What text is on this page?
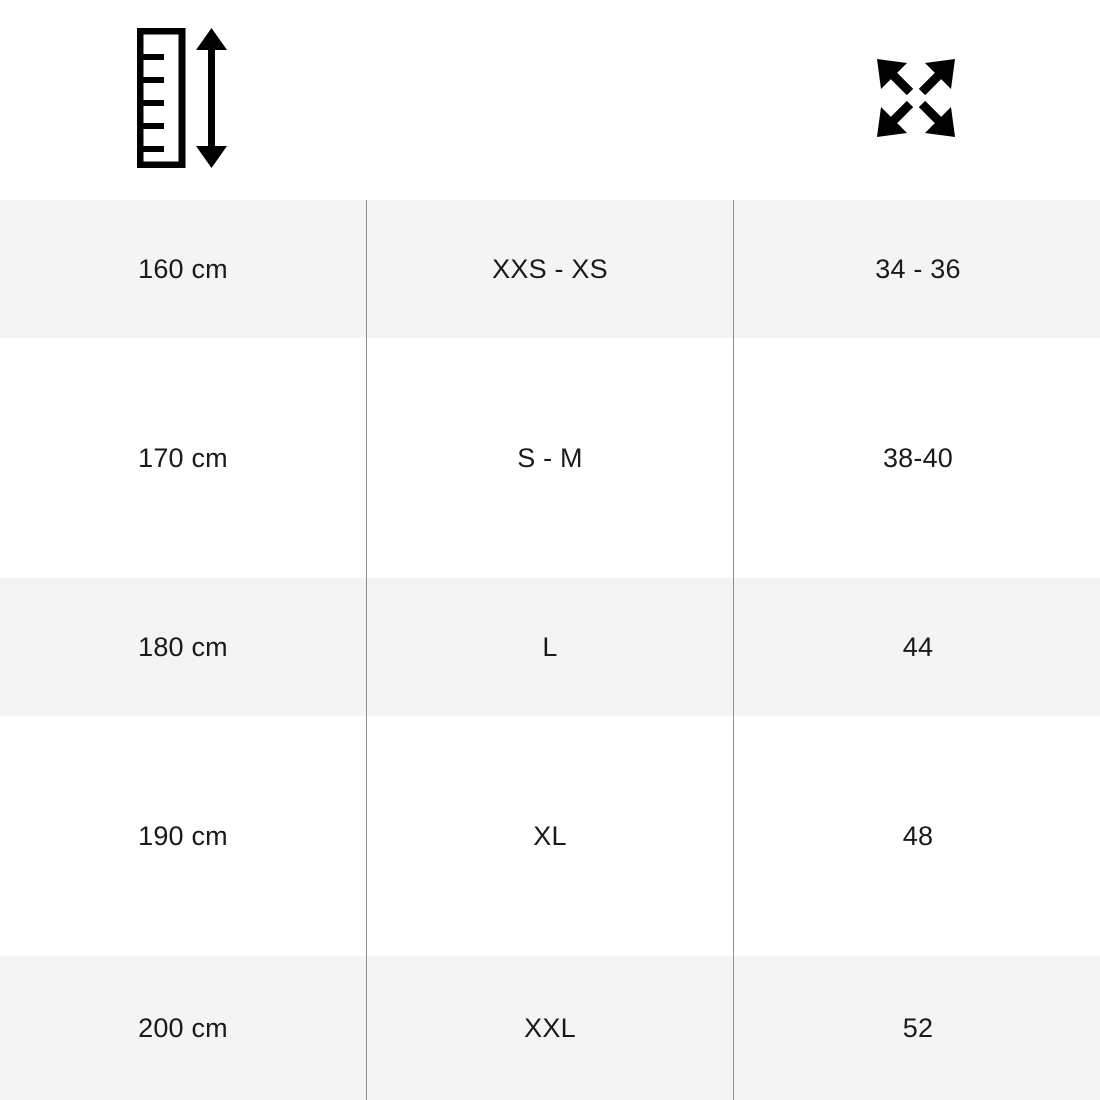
160 cm	XXS - XS	34 - 36
170 cm	S - M	38-40
180 cm	L	44
190 cm	XL	48
200 cm	XXL	52
